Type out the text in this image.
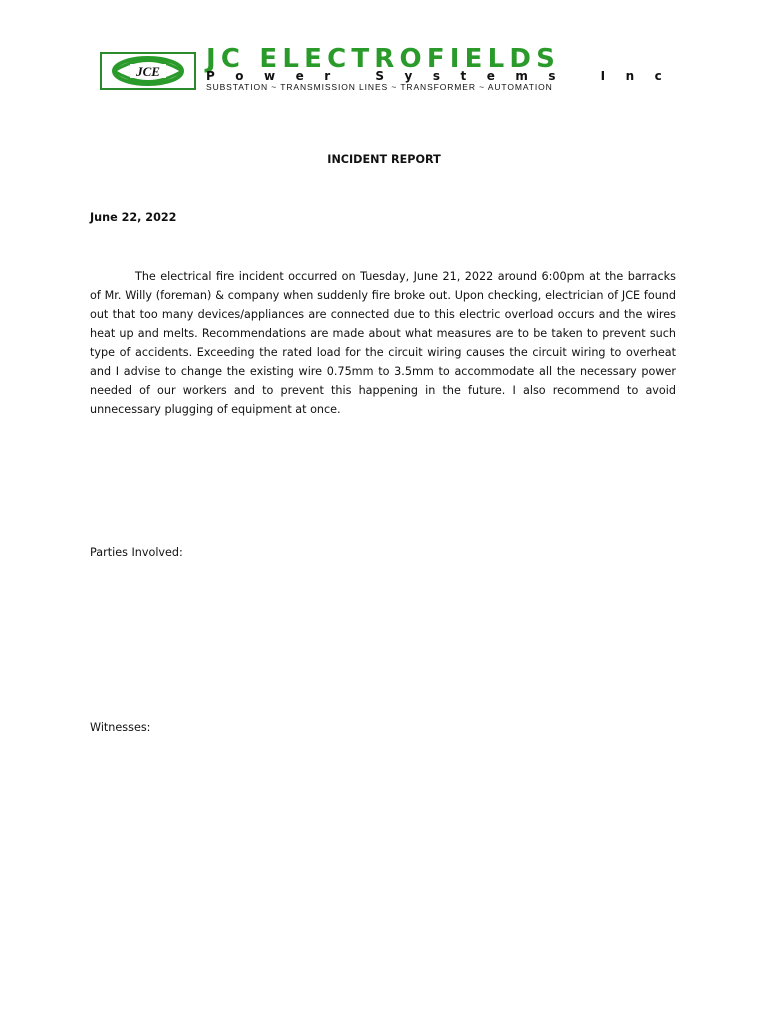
JCE JC ELECTROFIELDS
Power Systems Inc
SUBSTATION ~ TRANSMISSION LINES ~ TRANSFORMER ~ AUTOMATION
INCIDENT REPORT
June 22, 2022

The electrical fire incident occurred on Tuesday, June 21, 2022 around 6:00pm at the barracks of Mr. Willy (foreman) & company when suddenly fire broke out. Upon checking, electrician of JCE found out that too many devices/appliances are connected due to this electric overload occurs and the wires heat up and melts. Recommendations are made about what measures are to be taken to prevent such type of accidents. Exceeding the rated load for the circuit wiring causes the circuit wiring to overheat and I advise to change the existing wire 0.75mm to 3.5mm to accommodate all the necessary power needed of our workers and to prevent this happening in the future. I also recommend to avoid unnecessary plugging of equipment at once.

Parties Involved:
Witnesses:
